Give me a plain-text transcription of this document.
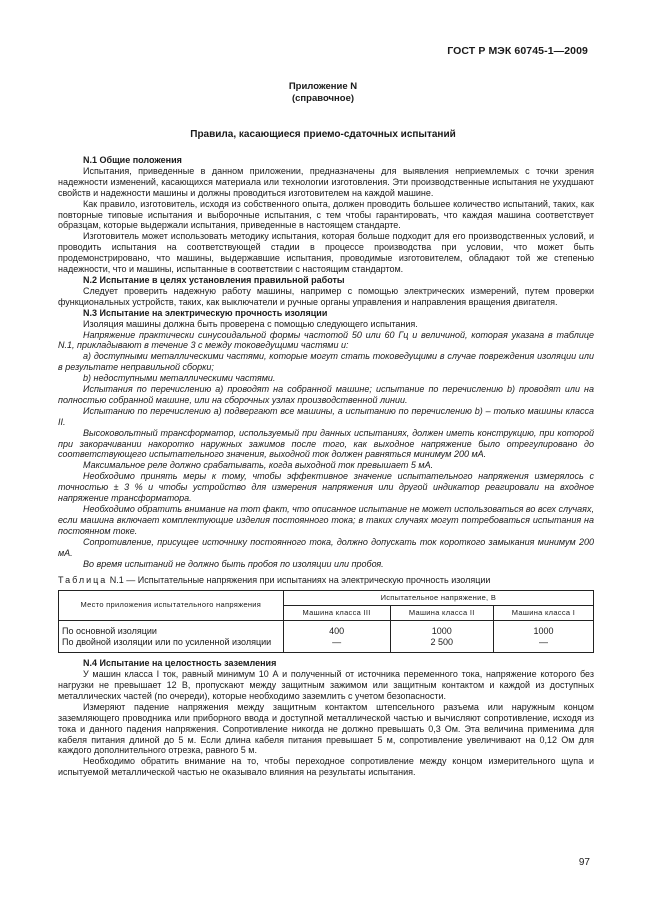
ГОСТ Р МЭК 60745-1—2009
Приложение N
(справочное)
Правила, касающиеся приемо-сдаточных испытаний
N.1 Общие положения

Испытания, приведенные в данном приложении, предназначены для выявления неприемлемых с точки зрения надежности изменений, касающихся материала или технологии изготовления. Эти производственные испытания не ухудшают свойств и надежности машины и должны проводиться изготовителем на каждой машине.

Как правило, изготовитель, исходя из собственного опыта, должен проводить большее количество испытаний, таких, как повторные типовые испытания и выборочные испытания, с тем чтобы гарантировать, что каждая машина соответствует образцам, которые выдержали испытания, приведенные в настоящем стандарте.

Изготовитель может использовать методику испытания, которая больше подходит для его производственных условий, и проводить испытания на соответствующей стадии в процессе производства при условии, что может быть продемонстрировано, что машины, выдержавшие испытания, проводимые изготовителем, обладают той же степенью надежности, что и машины, испытанные в соответствии с настоящим стандартом.

N.2 Испытание в целях установления правильной работы

Следует проверить надежную работу машины, например с помощью электрических измерений, путем проверки функциональных устройств, таких, как выключатели и ручные органы управления и направления вращения двигателя.

N.3 Испытание на электрическую прочность изоляции

Изоляция машины должна быть проверена с помощью следующего испытания.

Напряжение практически синусоидальной формы частотой 50 или 60 Гц и величиной, которая указана в таблице N.1, прикладывают в течение 3 с между токоведущими частями и:

a) доступными металлическими частями, которые могут стать токоведущими в случае повреждения изоляции или в результате неправильной сборки;

b) недоступными металлическими частями.

Испытания по перечислению а) проводят на собранной машине; испытание по перечислению b) проводят или на полностью собранной машине, или на сборочных узлах производственной линии.

Испытанию по перечислению а) подвергают все машины, а испытанию по перечислению b) – только машины класса II.

Высоковольтный трансформатор, используемый при данных испытаниях, должен иметь конструкцию, при которой при закорачивании накоротко наружных зажимов после того, как выходное напряжение было отрегулировано до соответствующего испытательного значения, выходной ток должен равняться минимум 200 мА.

Максимальное реле должно срабатывать, когда выходной ток превышает 5 мА.

Необходимо принять меры к тому, чтобы эффективное значение испытательного напряжения измерялось с точностью ± 3 % и чтобы устройство для измерения напряжения или другой индикатор реагировали на входное напряжение трансформатора.

Необходимо обратить внимание на тот факт, что описанное испытание не может использоваться во всех случаях, если машина включает комплектующие изделия постоянного тока; в таких случаях могут потребоваться испытания на постоянном токе.

Сопротивление, присущее источнику постоянного тока, должно допускать ток короткого замыкания минимум 200 мА.

Во время испытаний не должно быть пробоя по изоляции или пробоя.

Таблица N.1 — Испытательные напряжения при испытаниях на электрическую прочность изоляции
Место приложения испытательного напряжения	Испытательное напряжение, В		
	Машина класса III	Машина класса II	Машина класса I
По основной изоляции	400	1000	1000
По двойной изоляции или по усиленной изоляции	—	2 500	—
N.4 Испытание на целостность заземления

У машин класса I ток, равный минимум 10 А и полученный от источника переменного тока, напряжение которого без нагрузки не превышает 12 В, пропускают между защитным зажимом или защитным контактом и каждой из доступных металлических частей (по очереди), которые необходимо заземлить с учетом безопасности.

Измеряют падение напряжения между защитным контактом штепсельного разъема или наружным концом заземляющего проводника или приборного ввода и доступной металлической частью и вычисляют сопротивление, исходя из тока и данного падения напряжения. Сопротивление никогда не должно превышать 0,3 Ом. Эта величина применима для кабеля питания длиной до 5 м. Если длина кабеля питания превышает 5 м, сопротивление увеличивают на 0,12 Ом для каждого дополнительного отрезка, равного 5 м.

Необходимо обратить внимание на то, чтобы переходное сопротивление между концом измерительного щупа и испытуемой металлической частью не оказывало влияния на результаты испытания.

97
